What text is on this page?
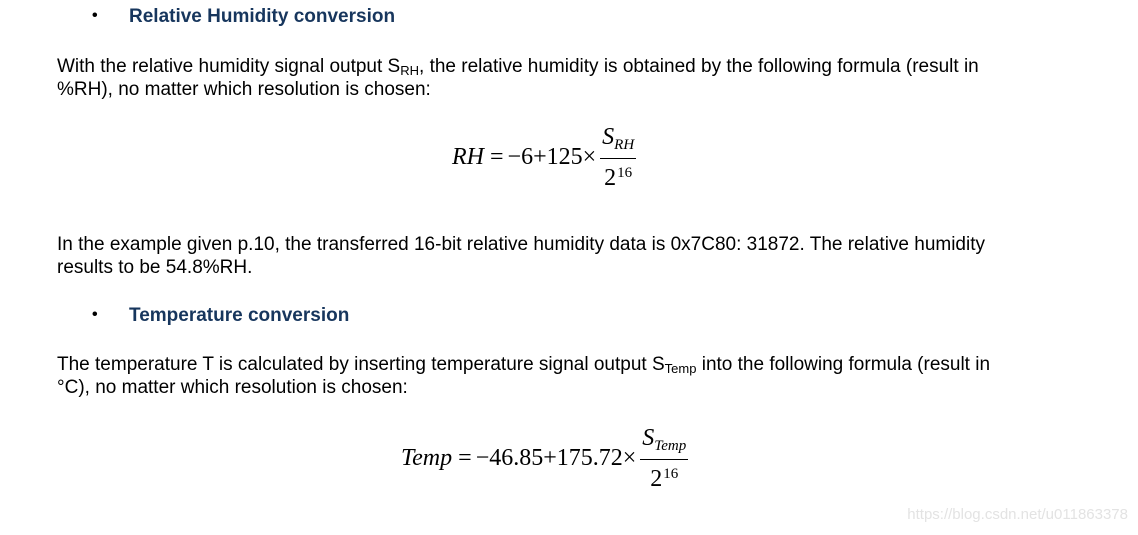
• Relative Humidity conversion
With the relative humidity signal output $S_{RH}$, the relative humidity is obtained by the following formula (result in
%RH), no matter which resolution is chosen:
RH = $-6+125\times \frac{S_{RH}}{2^{16}}$
In the example given p.10, the transferred 16-bit relative humidity data is 0x7C80: 31872. The relative humidity
results to be 54.8%RH.
• Temperature conversion
The temperature T is calculated by inserting temperature signal output $S_{Temp}$ into the following formula (result in
°C), no matter which resolution is chosen:
Temp = $-46.85+175.72\times \frac{S_{Temp}}{2^{16}}$
https://blog.csdn.net/u011863378
